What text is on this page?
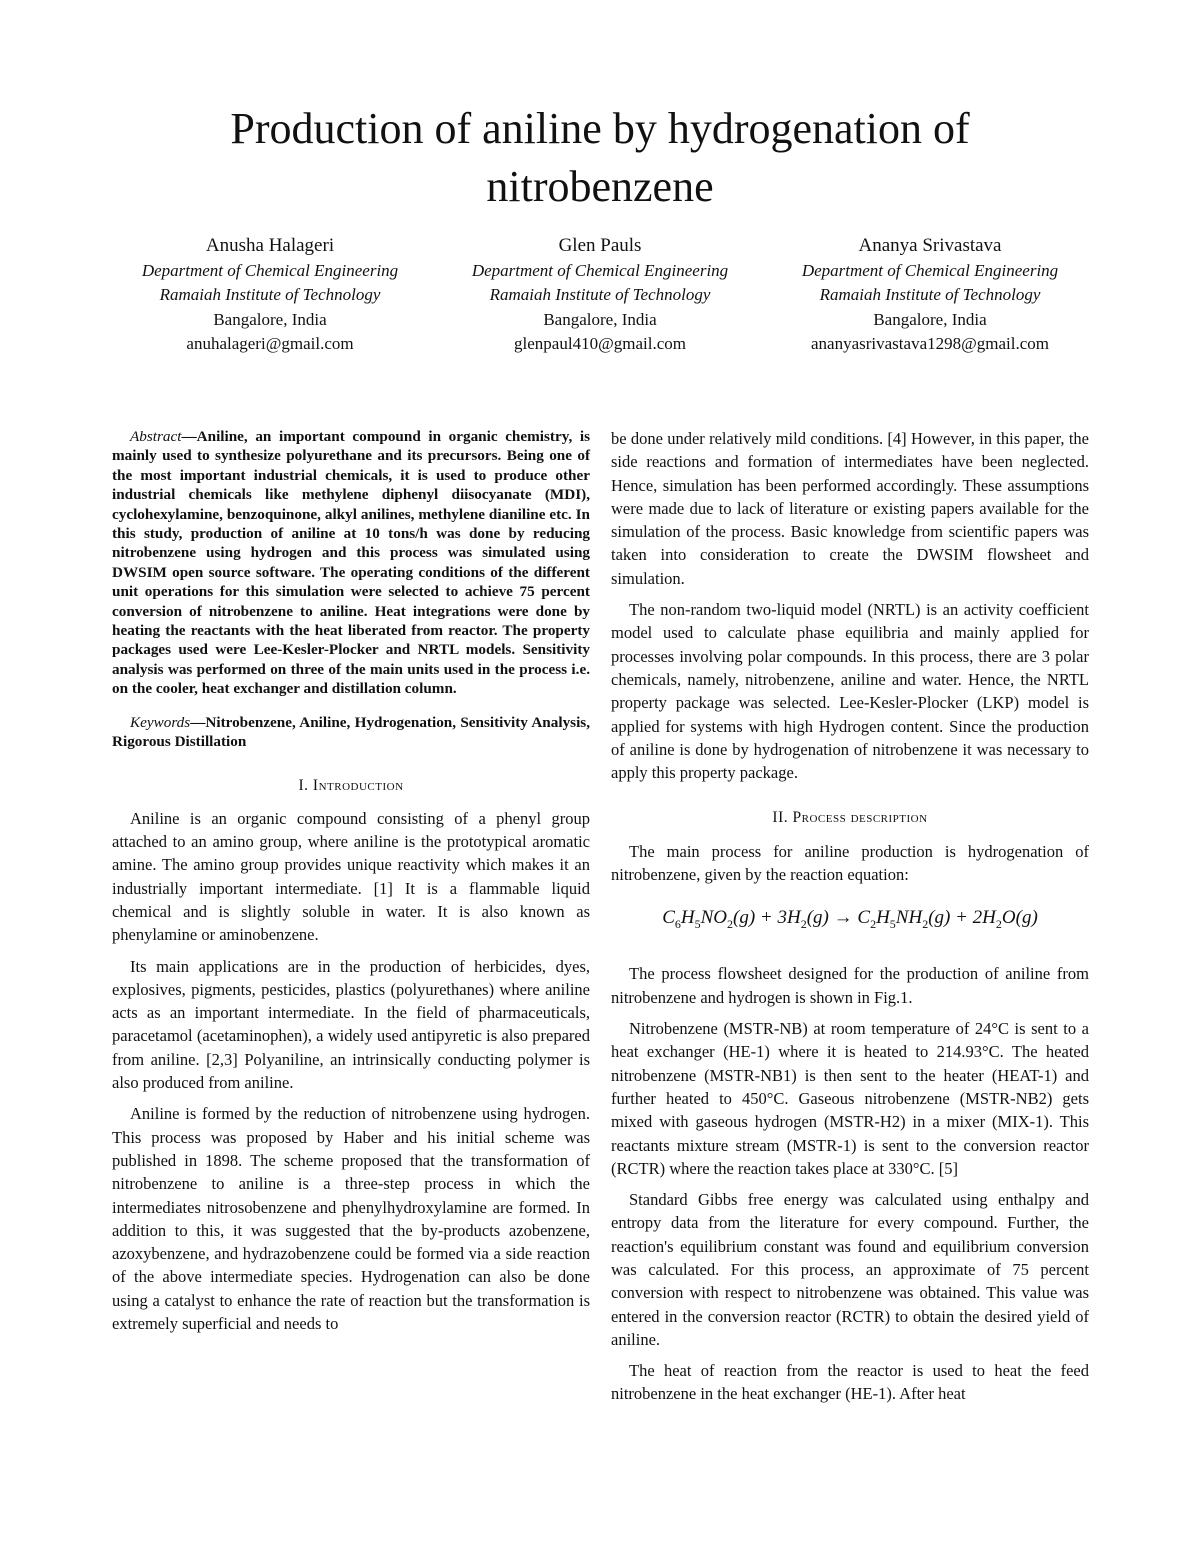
Production of aniline by hydrogenation of nitrobenzene
Anusha Halageri
Department of Chemical Engineering
Ramaiah Institute of Technology
Bangalore, India
anuhalageri@gmail.com
Glen Pauls
Department of Chemical Engineering
Ramaiah Institute of Technology
Bangalore, India
glenpaul410@gmail.com
Ananya Srivastava
Department of Chemical Engineering
Ramaiah Institute of Technology
Bangalore, India
ananyasrivastava1298@gmail.com

Abstract—Aniline, an important compound in organic chemistry, is mainly used to synthesize polyurethane and its precursors. Being one of the most important industrial chemicals, it is used to produce other industrial chemicals like methylene diphenyl diisocyanate (MDI), cyclohexylamine, benzoquinone, alkyl anilines, methylene dianiline etc. In this study, production of aniline at 10 tons/h was done by reducing nitrobenzene using hydrogen and this process was simulated using DWSIM open source software. The operating conditions of the different unit operations for this simulation were selected to achieve 75 percent conversion of nitrobenzene to aniline. Heat integrations were done by heating the reactants with the heat liberated from reactor. The property packages used were Lee-Kesler-Plocker and NRTL models. Sensitivity analysis was performed on three of the main units used in the process i.e. on the cooler, heat exchanger and distillation column.

Keywords—Nitrobenzene, Aniline, Hydrogenation, Sensitivity Analysis, Rigorous Distillation

I. Introduction

Aniline is an organic compound consisting of a phenyl group attached to an amino group, where aniline is the prototypical aromatic amine. The amino group provides unique reactivity which makes it an industrially important intermediate. [1] It is a flammable liquid chemical and is slightly soluble in water. It is also known as phenylamine or aminobenzene.

Its main applications are in the production of herbicides, dyes, explosives, pigments, pesticides, plastics (polyurethanes) where aniline acts as an important intermediate. In the field of pharmaceuticals, paracetamol (acetaminophen), a widely used antipyretic is also prepared from aniline. [2,3] Polyaniline, an intrinsically conducting polymer is also produced from aniline.

Aniline is formed by the reduction of nitrobenzene using hydrogen. This process was proposed by Haber and his initial scheme was published in 1898. The scheme proposed that the transformation of nitrobenzene to aniline is a three-step process in which the intermediates nitrosobenzene and phenylhydroxylamine are formed. In addition to this, it was suggested that the by-products azobenzene, azoxybenzene, and hydrazobenzene could be formed via a side reaction of the above intermediate species. Hydrogenation can also be done using a catalyst to enhance the rate of reaction but the transformation is extremely superficial and needs to

be done under relatively mild conditions. [4] However, in this paper, the side reactions and formation of intermediates have been neglected. Hence, simulation has been performed accordingly. These assumptions were made due to lack of literature or existing papers available for the simulation of the process. Basic knowledge from scientific papers was taken into consideration to create the DWSIM flowsheet and simulation.

The non-random two-liquid model (NRTL) is an activity coefficient model used to calculate phase equilibria and mainly applied for processes involving polar compounds. In this process, there are 3 polar chemicals, namely, nitrobenzene, aniline and water. Hence, the NRTL property package was selected. Lee-Kesler-Plocker (LKP) model is applied for systems with high Hydrogen content. Since the production of aniline is done by hydrogenation of nitrobenzene it was necessary to apply this property package.

II. Process description

The main process for aniline production is hydrogenation of nitrobenzene, given by the reaction equation:

$C_6H_5NO_2(g) + 3H_2(g) \to C_2H_5NH_2(g) + 2H_2O(g)$

The process flowsheet designed for the production of aniline from nitrobenzene and hydrogen is shown in Fig.1.

Nitrobenzene (MSTR-NB) at room temperature of 24°C is sent to a heat exchanger (HE-1) where it is heated to 214.93°C. The heated nitrobenzene (MSTR-NB1) is then sent to the heater (HEAT-1) and further heated to 450°C. Gaseous nitrobenzene (MSTR-NB2) gets mixed with gaseous hydrogen (MSTR-H2) in a mixer (MIX-1). This reactants mixture stream (MSTR-1) is sent to the conversion reactor (RCTR) where the reaction takes place at 330°C. [5]

Standard Gibbs free energy was calculated using enthalpy and entropy data from the literature for every compound. Further, the reaction's equilibrium constant was found and equilibrium conversion was calculated. For this process, an approximate of 75 percent conversion with respect to nitrobenzene was obtained. This value was entered in the conversion reactor (RCTR) to obtain the desired yield of aniline.

The heat of reaction from the reactor is used to heat the feed nitrobenzene in the heat exchanger (HE-1). After heat
